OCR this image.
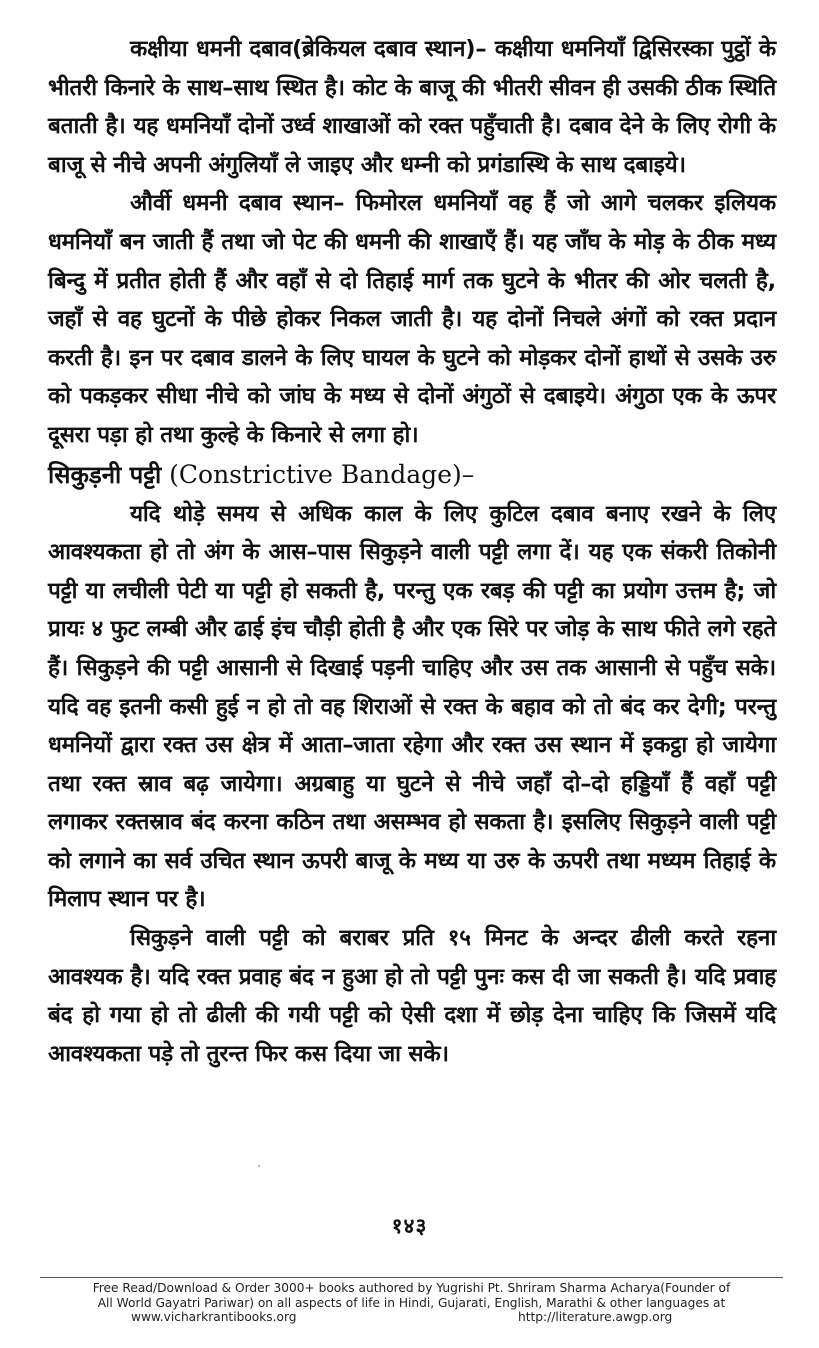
कक्षीया धमनी दबाव(ब्रेकियल दबाव स्थान)– कक्षीया धमनियाँ द्विसिरस्का पुट्ठों के भीतरी किनारे के साथ–साथ स्थित है। कोट के बाजू की भीतरी सीवन ही उसकी ठीक स्थिति बताती है। यह धमनियाँ दोनों उर्ध्व शाखाओं को रक्त पहुँचाती है। दबाव देने के लिए रोगी के बाजू से नीचे अपनी अंगुलियाँ ले जाइए और धम्नी को प्रगंडास्थि के साथ दबाइये।

और्वी धमनी दबाव स्थान– फिमोरल धमनियाँ वह हैं जो आगे चलकर इलियक धमनियाँ बन जाती हैं तथा जो पेट की धमनी की शाखाएँ हैं। यह जाँघ के मोड़ के ठीक मध्य बिन्दु में प्रतीत होती हैं और वहाँ से दो तिहाई मार्ग तक घुटने के भीतर की ओर चलती है, जहाँ से वह घुटनों के पीछे होकर निकल जाती है। यह दोनों निचले अंगों को रक्त प्रदान करती है। इन पर दबाव डालने के लिए घायल के घुटने को मोड़कर दोनों हाथों से उसके उरु को पकड़कर सीधा नीचे को जांघ के मध्य से दोनों अंगुठों से दबाइये। अंगुठा एक के ऊपर दूसरा पड़ा हो तथा कुल्हे के किनारे से लगा हो।

सिकुड़नी पट्टी (Constrictive Bandage)–

यदि थोड़े समय से अधिक काल के लिए कुटिल दबाव बनाए रखने के लिए आवश्यकता हो तो अंग के आस–पास सिकुड़ने वाली पट्टी लगा दें। यह एक संकरी तिकोनी पट्टी या लचीली पेटी या पट्टी हो सकती है, परन्तु एक रबड़ की पट्टी का प्रयोग उत्तम है; जो प्रायः ४ फुट लम्बी और ढाई इंच चौड़ी होती है और एक सिरे पर जोड़ के साथ फीते लगे रहते हैं। सिकुड़ने की पट्टी आसानी से दिखाई पड़नी चाहिए और उस तक आसानी से पहुँच सके। यदि वह इतनी कसी हुई न हो तो वह शिराओं से रक्त के बहाव को तो बंद कर देगी; परन्तु धमनियों द्वारा रक्त उस क्षेत्र में आता–जाता रहेगा और रक्त उस स्थान में इकट्ठा हो जायेगा तथा रक्त स्राव बढ़ जायेगा। अग्रबाहु या घुटने से नीचे जहाँ दो–दो हड्डियाँ हैं वहाँ पट्टी लगाकर रक्तस्राव बंद करना कठिन तथा असम्भव हो सकता है। इसलिए सिकुड़ने वाली पट्टी को लगाने का सर्व उचित स्थान ऊपरी बाजू के मध्य या उरु के ऊपरी तथा मध्यम तिहाई के मिलाप स्थान पर है।

सिकुड़ने वाली पट्टी को बराबर प्रति १५ मिनट के अन्दर ढीली करते रहना आवश्यक है। यदि रक्त प्रवाह बंद न हुआ हो तो पट्टी पुनः कस दी जा सकती है। यदि प्रवाह बंद हो गया हो तो ढीली की गयी पट्टी को ऐसी दशा में छोड़ देना चाहिए कि जिसमें यदि आवश्यकता पड़े तो तुरन्त फिर कस दिया जा सके।

१४३
Free Read/Download & Order 3000+ books authored by Yugrishi Pt. Shriram Sharma Acharya(Founder of
All World Gayatri Pariwar) on all aspects of life in Hindi, Gujarati, English, Marathi & other languages at
www.vicharkrantibooks.org	http://literature.awgp.org
